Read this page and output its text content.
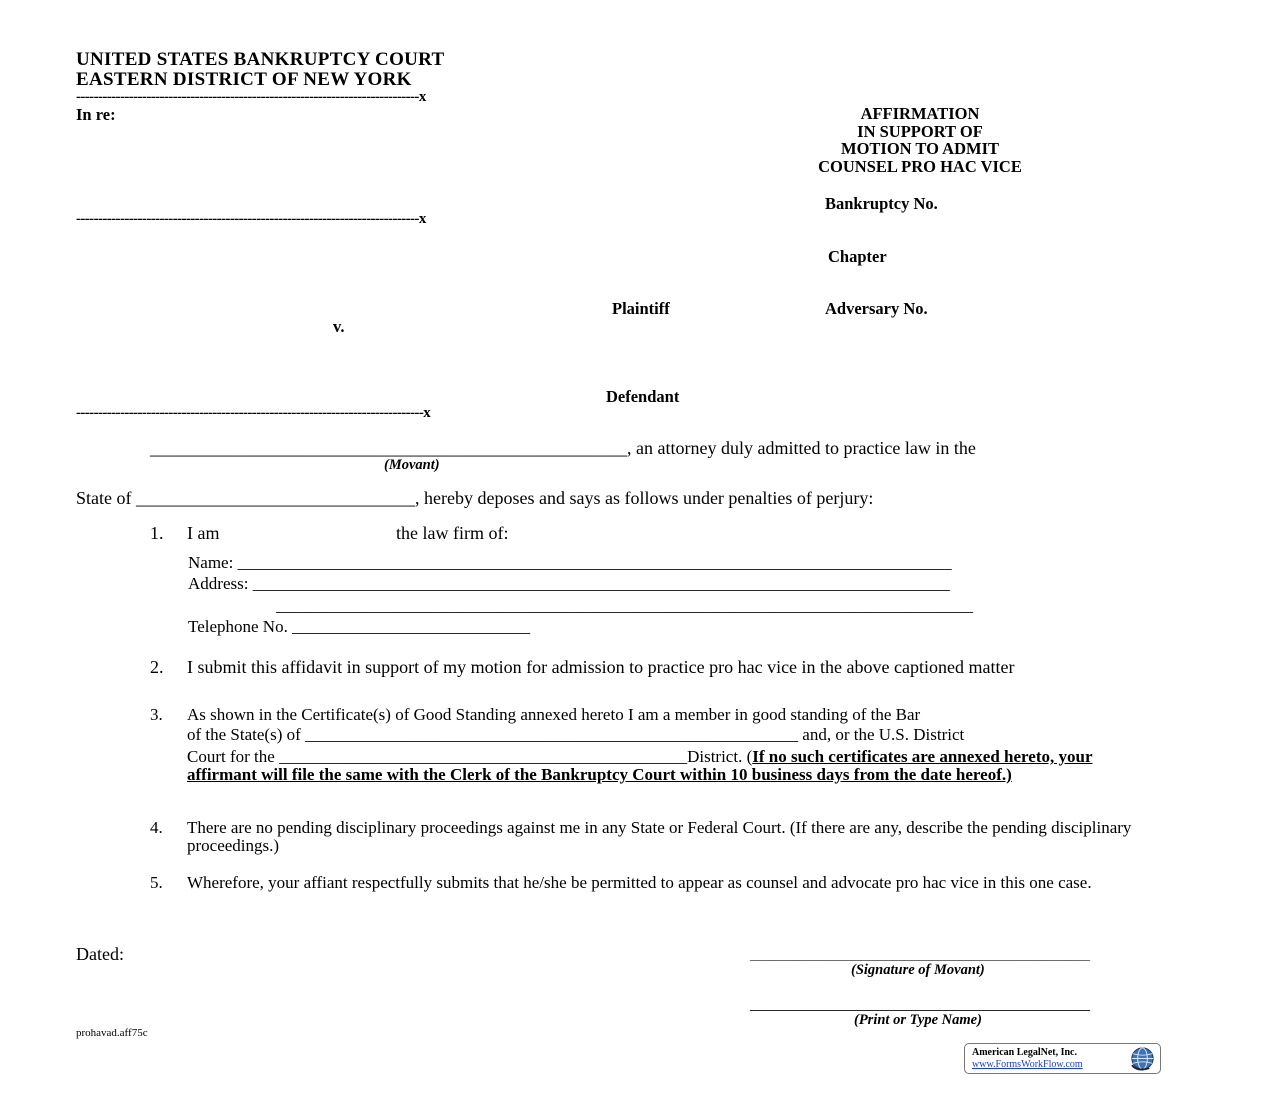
UNITED STATES BANKRUPTCY COURT
EASTERN DISTRICT OF NEW YORK
------------------------------------------------------------------------------x
In re:	AFFIRMATION
IN SUPPORT OF
MOTION TO ADMIT
COUNSEL PRO HAC VICE
Bankruptcy No.
------------------------------------------------------------------------------x
Chapter
Plaintiff	Adversary No.
v.
Defendant
-------------------------------------------------------------------------------x
_____________________________________________________, an attorney duly admitted to practice law in the
(Movant)
State of _______________________________, hereby deposes and says as follows under penalties of perjury:
1. I am	the law firm of:
Name: ____________________________________________________________________________________
Address: __________________________________________________________________________________
__________________________________________________________________________________
Telephone No. ____________________________
2. I submit this affidavit in support of my motion for admission to practice pro hac vice in the above captioned matter
3. As shown in the Certificate(s) of Good Standing annexed hereto I am a member in good standing of the Bar
of the State(s) of __________________________________________________________ and, or the U.S. District
Court for the ________________________________________________District. (If no such certificates are annexed hereto, your affirmant will file the same with the Clerk of the Bankruptcy Court within 10 business days from the date hereof.)
4. There are no pending disciplinary proceedings against me in any State or Federal Court. (If there are any, describe the pending disciplinary proceedings.)
5. Wherefore, your affiant respectfully submits that he/she be permitted to appear as counsel and advocate pro hac vice in this one case.
Dated:	________________________________________
(Signature of Movant)
________________________________________
(Print or Type Name)
prohavad.aff75c
American LegalNet, Inc.
www.FormsWorkFlow.com
